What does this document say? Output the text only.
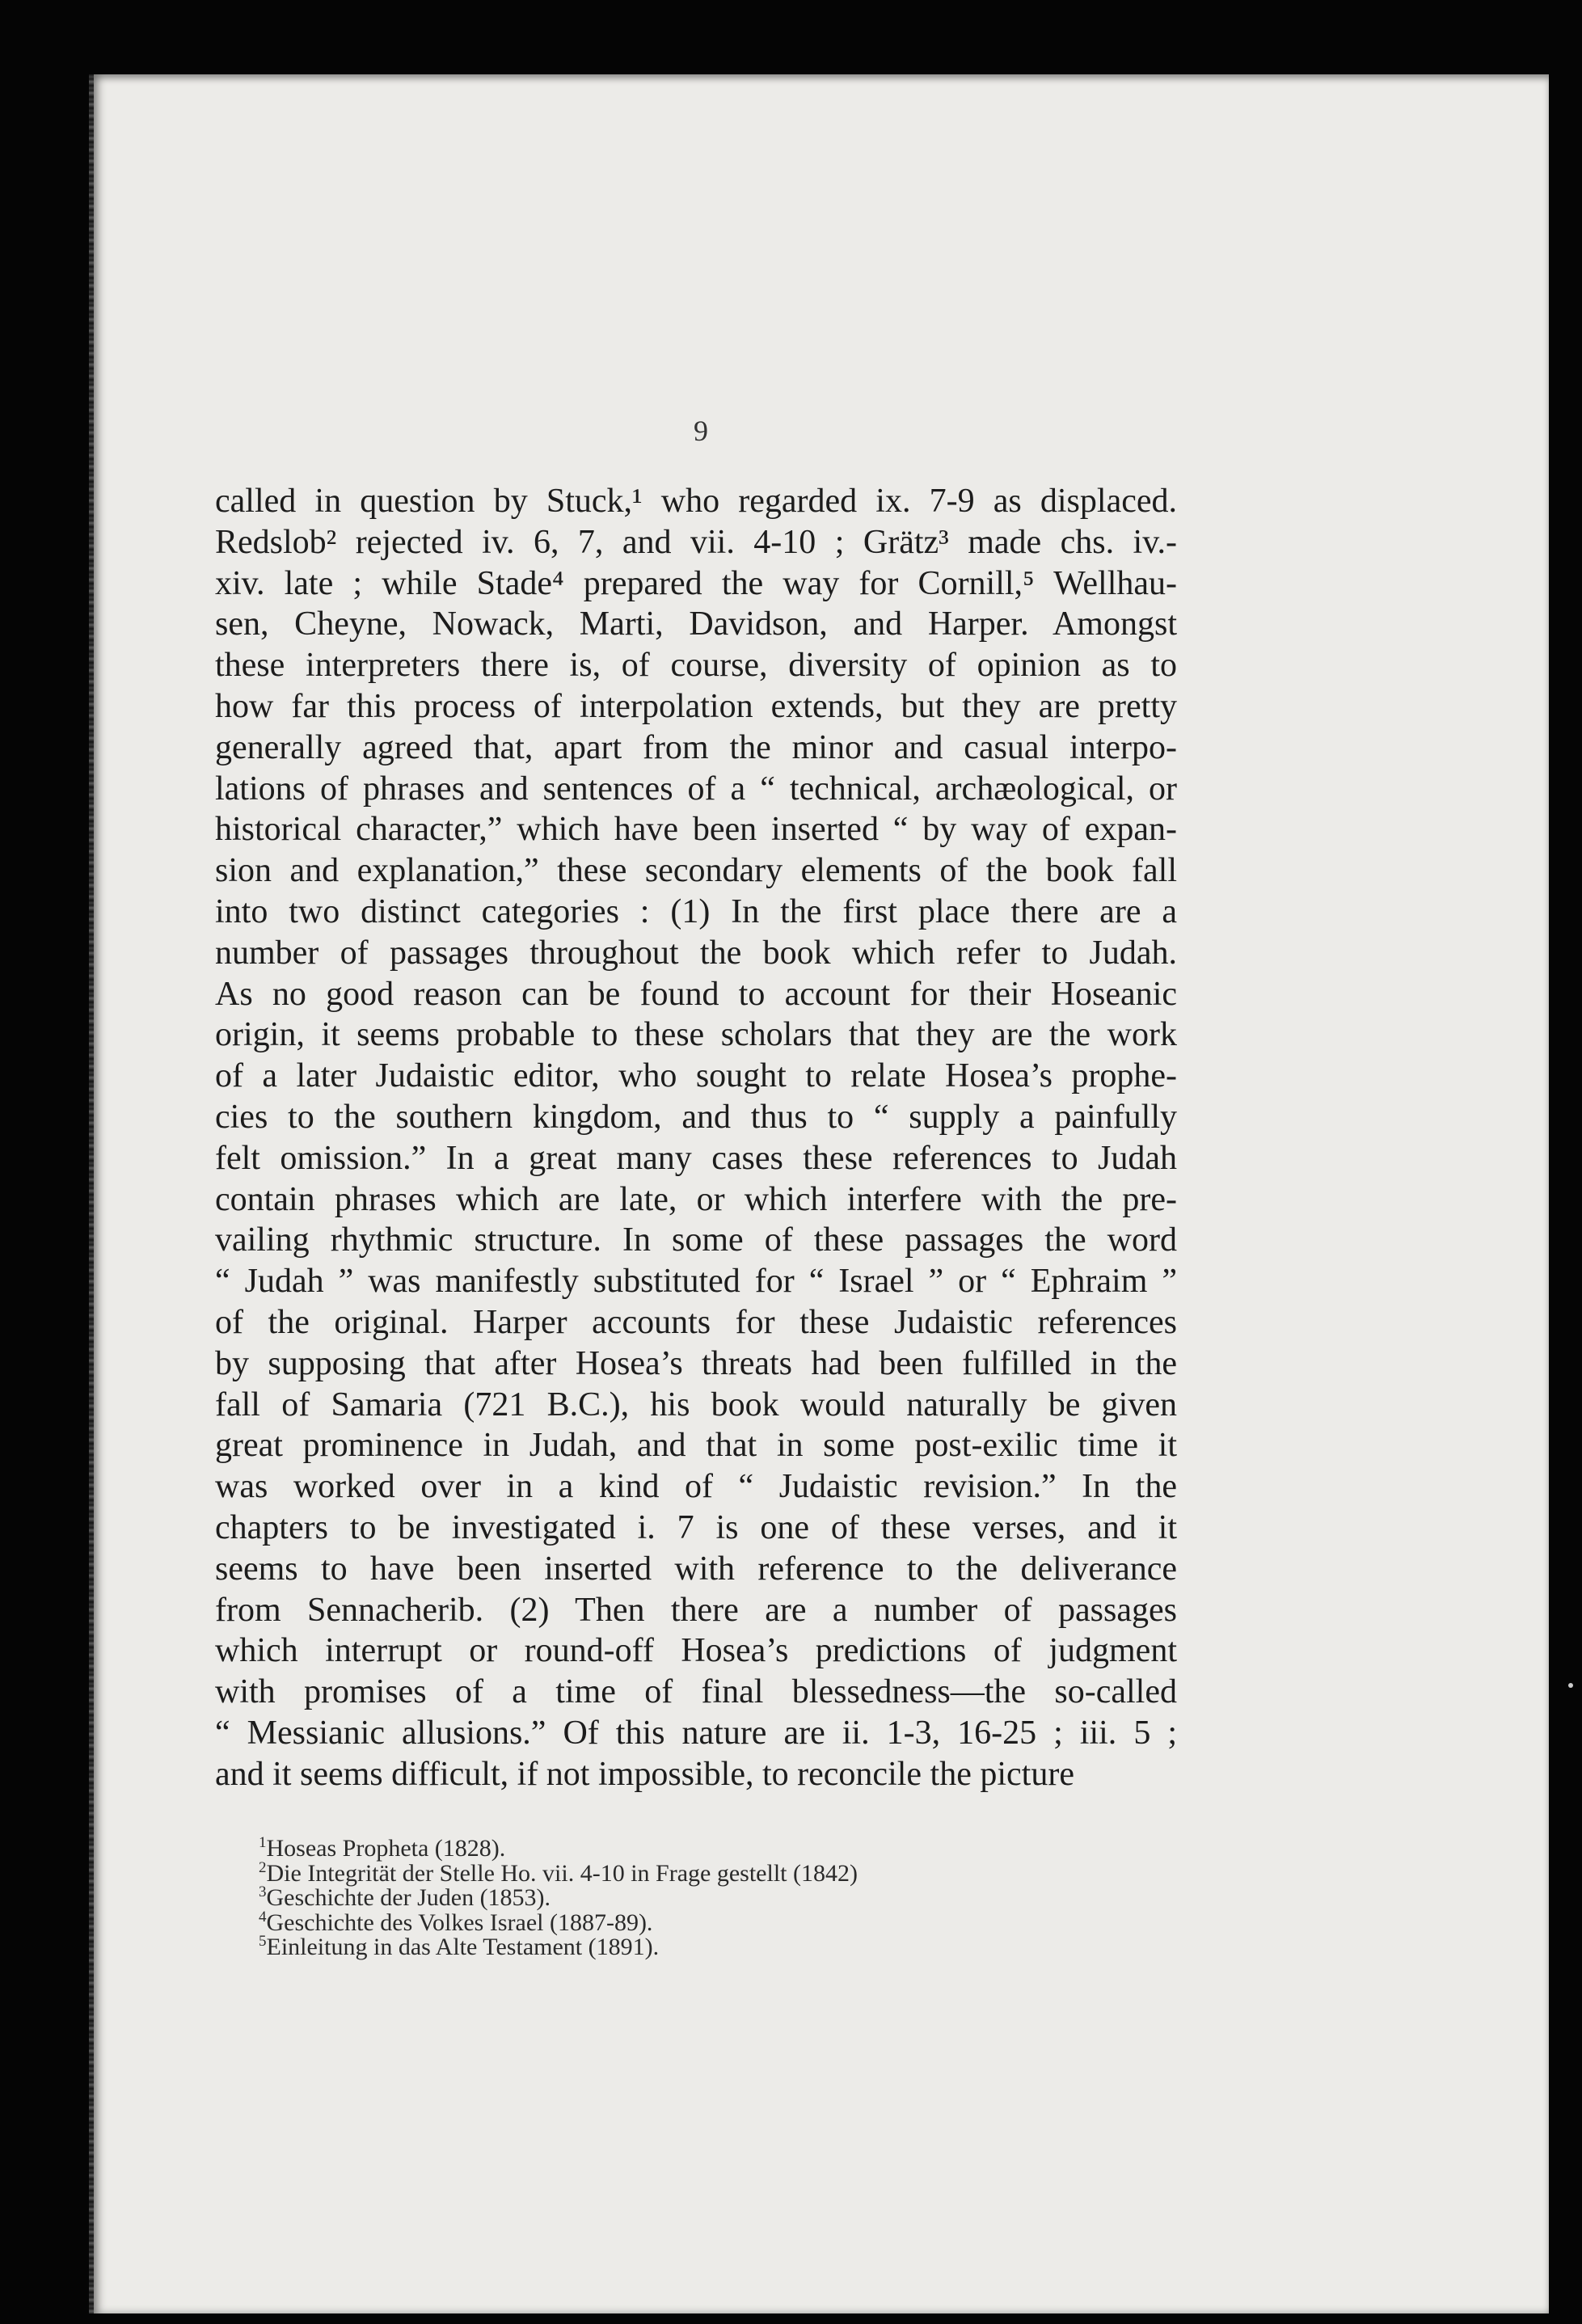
9
called in question by Stuck,¹ who regarded ix. 7-9 as displaced.
Redslob² rejected iv. 6, 7, and vii. 4-10 ; Grätz³ made chs. iv.-
xiv. late ; while Stade⁴ prepared the way for Cornill,⁵ Wellhau-
sen, Cheyne, Nowack, Marti, Davidson, and Harper. Amongst
these interpreters there is, of course, diversity of opinion as to
how far this process of interpolation extends, but they are pretty
generally agreed that, apart from the minor and casual interpo-
lations of phrases and sentences of a “ technical, archæological, or
historical character,” which have been inserted “ by way of expan-
sion and explanation,” these secondary elements of the book fall
into two distinct categories : (1) In the first place there are a
number of passages throughout the book which refer to Judah.
As no good reason can be found to account for their Hoseanic
origin, it seems probable to these scholars that they are the work
of a later Judaistic editor, who sought to relate Hosea’s prophe-
cies to the southern kingdom, and thus to “ supply a painfully
felt omission.” In a great many cases these references to Judah
contain phrases which are late, or which interfere with the pre-
vailing rhythmic structure. In some of these passages the word
“ Judah ” was manifestly substituted for “ Israel ” or “ Ephraim ”
of the original. Harper accounts for these Judaistic references
by supposing that after Hosea’s threats had been fulfilled in the
fall of Samaria (721 B.C.), his book would naturally be given
great prominence in Judah, and that in some post-exilic time it
was worked over in a kind of “ Judaistic revision.” In the
chapters to be investigated i. 7 is one of these verses, and it
seems to have been inserted with reference to the deliverance
from Sennacherib. (2) Then there are a number of passages
which interrupt or round-off Hosea’s predictions of judgment
with promises of a time of final blessedness—the so-called
“ Messianic allusions.” Of this nature are ii. 1-3, 16-25 ; iii. 5 ;
and it seems difficult, if not impossible, to reconcile the picture
$^1$Hoseas Propheta (1828).
$^2$Die Integrität der Stelle Ho. vii. 4-10 in Frage gestellt (1842)
$^3$Geschichte der Juden (1853).
$^4$Geschichte des Volkes Israel (1887-89).
$^5$Einleitung in das Alte Testament (1891).
